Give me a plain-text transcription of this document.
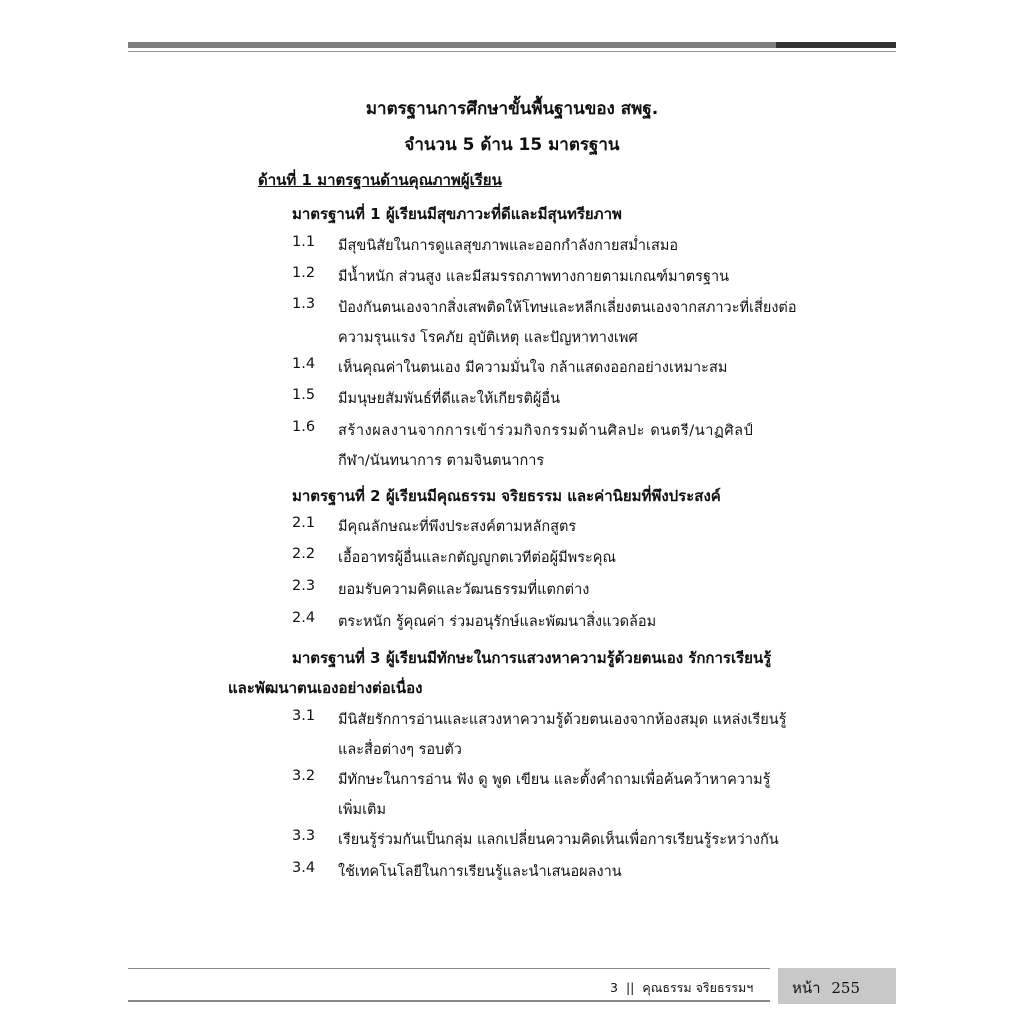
มาตรฐานการศึกษาขั้นพื้นฐานของ สพฐ.
จำนวน 5 ด้าน 15 มาตรฐาน
ด้านที่ 1 มาตรฐานด้านคุณภาพผู้เรียน
มาตรฐานที่ 1 ผู้เรียนมีสุขภาวะที่ดีและมีสุนทรียภาพ
1.1	มีสุขนิสัยในการดูแลสุขภาพและออกกำลังกายสม่ำเสมอ
1.2	มีน้ำหนัก ส่วนสูง และมีสมรรถภาพทางกายตามเกณฑ์มาตรฐาน
1.3	ป้องกันตนเองจากสิ่งเสพติดให้โทษและหลีกเลี่ยงตนเองจากสภาวะที่เสี่ยงต่อ
ความรุนแรง โรคภัย อุบัติเหตุ และปัญหาทางเพศ
1.4	เห็นคุณค่าในตนเอง มีความมั่นใจ กล้าแสดงออกอย่างเหมาะสม
1.5	มีมนุษยสัมพันธ์ที่ดีและให้เกียรติผู้อื่น
1.6	สร้างผลงานจากการเข้าร่วมกิจกรรมด้านศิลปะ ดนตรี/นาฏศิลป์
กีฬา/นันทนาการ ตามจินตนาการ
มาตรฐานที่ 2 ผู้เรียนมีคุณธรรม จริยธรรม และค่านิยมที่พึงประสงค์
2.1	มีคุณลักษณะที่พึงประสงค์ตามหลักสูตร
2.2	เอื้ออาทรผู้อื่นและกตัญญูกตเวทีต่อผู้มีพระคุณ
2.3	ยอมรับความคิดและวัฒนธรรมที่แตกต่าง
2.4	ตระหนัก รู้คุณค่า ร่วมอนุรักษ์และพัฒนาสิ่งแวดล้อม
มาตรฐานที่ 3 ผู้เรียนมีทักษะในการแสวงหาความรู้ด้วยตนเอง รักการเรียนรู้
และพัฒนาตนเองอย่างต่อเนื่อง
3.1	มีนิสัยรักการอ่านและแสวงหาความรู้ด้วยตนเองจากห้องสมุด แหล่งเรียนรู้
และสื่อต่างๆ รอบตัว
3.2	มีทักษะในการอ่าน ฟัง ดู พูด เขียน และตั้งคำถามเพื่อค้นคว้าหาความรู้
เพิ่มเติม
3.3	เรียนรู้ร่วมกันเป็นกลุ่ม แลกเปลี่ยนความคิดเห็นเพื่อการเรียนรู้ระหว่างกัน
3.4	ใช้เทคโนโลยีในการเรียนรู้และนำเสนอผลงาน
3 || คุณธรรม จริยธรรมฯ	หน้า 255
